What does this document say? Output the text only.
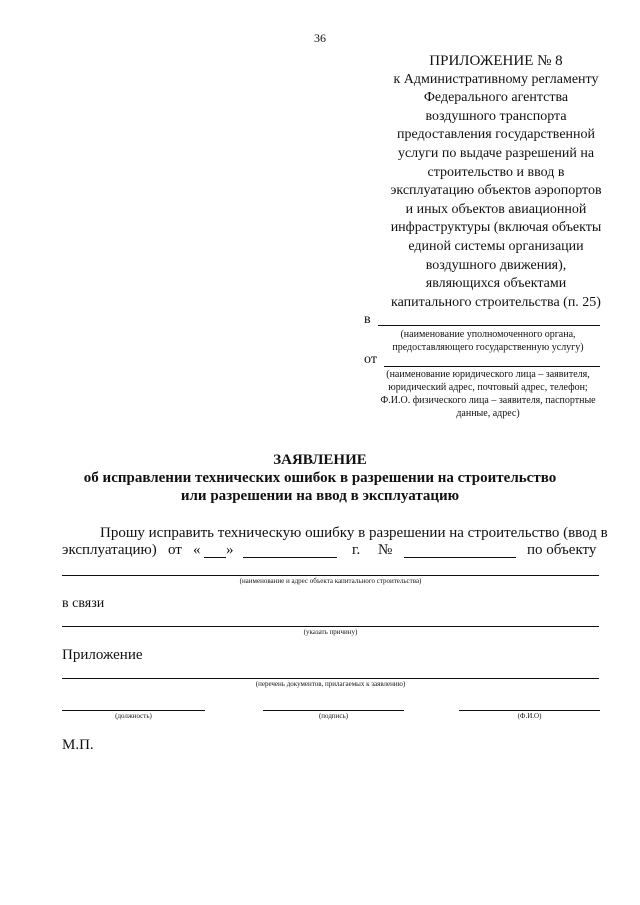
36
ПРИЛОЖЕНИЕ № 8
к Административному регламенту
Федерального агентства
воздушного транспорта
предоставления государственной
услуги по выдаче разрешений на
строительство и ввод в
эксплуатацию объектов аэропортов
и иных объектов авиационной
инфраструктуры (включая объекты
единой системы организации
воздушного движения),
являющихся объектами
капитального строительства (п. 25)
в
(наименование уполномоченного органа,
предоставляющего государственную услугу)
от
(наименование юридического лица – заявителя,
юридический адрес, почтовый адрес, телефон;
Ф.И.О. физического лица – заявителя, паспортные
данные, адрес)
ЗАЯВЛЕНИЕ
об исправлении технических ошибок в разрешении на строительство
или разрешении на ввод в эксплуатацию
Прошу исправить техническую ошибку в разрешении на строительство (ввод в
эксплуатацию) от « »	г. №	по объекту
(наименование и адрес объекта капитального строительства)
в связи
(указать причину)
Приложение
(перечень документов, прилагаемых к заявлению)
(должность)	(подпись)	(Ф.И.О)
М.П.
